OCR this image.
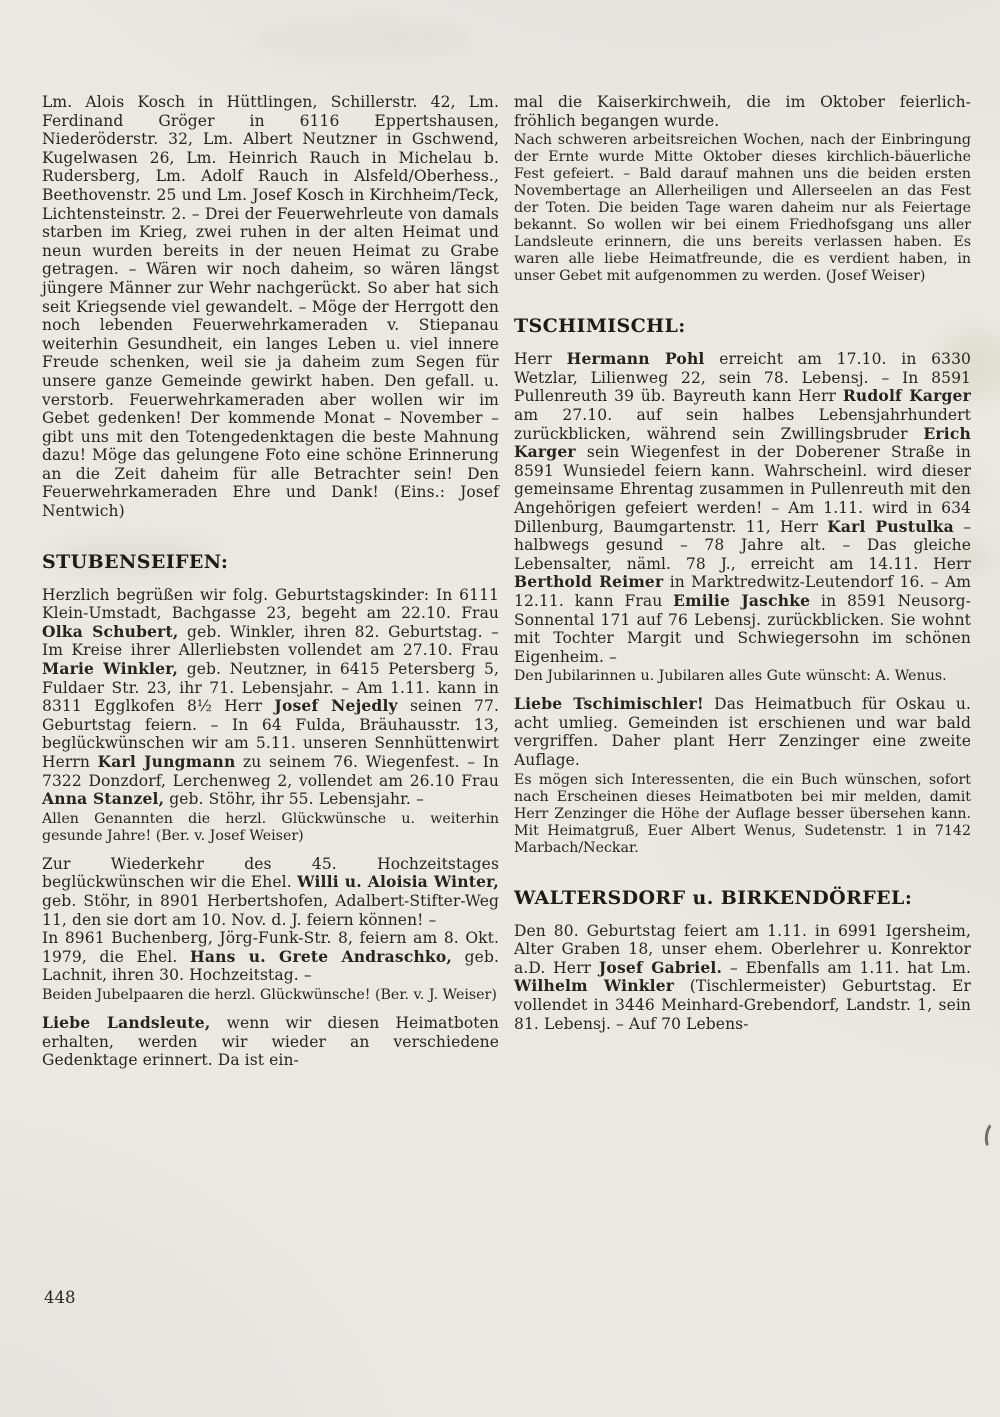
Lm. Alois Kosch in Hüttlingen, Schillerstr. 42, Lm. Ferdinand Gröger in 6116 Eppertshausen, Niederöderstr. 32, Lm. Albert Neutzner in Gschwend, Kugelwasen 26, Lm. Heinrich Rauch in Michelau b. Rudersberg, Lm. Adolf Rauch in Alsfeld/Oberhess., Beethovenstr. 25 und Lm. Josef Kosch in Kirchheim/Teck, Lichtensteinstr. 2. – Drei der Feuerwehrleute von damals starben im Krieg, zwei ruhen in der alten Heimat und neun wurden bereits in der neuen Heimat zu Grabe getragen. – Wären wir noch daheim, so wären längst jüngere Männer zur Wehr nachgerückt. So aber hat sich seit Kriegsende viel gewandelt. – Möge der Herrgott den noch lebenden Feuerwehrkameraden v. Stiepanau weiterhin Gesundheit, ein langes Leben u. viel innere Freude schenken, weil sie ja daheim zum Segen für unsere ganze Gemeinde gewirkt haben. Den gefall. u. verstorb. Feuerwehrkameraden aber wollen wir im Gebet gedenken! Der kommende Monat – November – gibt uns mit den Totengedenktagen die beste Mahnung dazu! Möge das gelungene Foto eine schöne Erinnerung an die Zeit daheim für alle Betrachter sein! Den Feuerwehrkameraden Ehre und Dank! (Eins.: Josef Nentwich)

STUBENSEIFEN:

Herzlich begrüßen wir folg. Geburtstagskinder: In 6111 Klein-Umstadt, Bachgasse 23, begeht am 22.10. Frau Olka Schubert, geb. Winkler, ihren 82. Geburtstag. – Im Kreise ihrer Allerliebsten vollendet am 27.10. Frau Marie Winkler, geb. Neutzner, in 6415 Petersberg 5, Fuldaer Str. 23, ihr 71. Lebensjahr. – Am 1.11. kann in 8311 Egglkofen 8½ Herr Josef Nejedly seinen 77. Geburtstag feiern. – In 64 Fulda, Bräuhausstr. 13, beglückwünschen wir am 5.11. unseren Sennhüttenwirt Herrn Karl Jungmann zu seinem 76. Wiegenfest. – In 7322 Donzdorf, Lerchenweg 2, vollendet am 26.10 Frau Anna Stanzel, geb. Stöhr, ihr 55. Lebensjahr. –

Allen Genannten die herzl. Glückwünsche u. weiterhin gesunde Jahre! (Ber. v. Josef Weiser)

Zur Wiederkehr des 45. Hochzeitstages beglückwünschen wir die Ehel. Willi u. Aloisia Winter, geb. Stöhr, in 8901 Herbertshofen, Adalbert-Stifter-Weg 11, den sie dort am 10. Nov. d. J. feiern können! –

In 8961 Buchenberg, Jörg-Funk-Str. 8, feiern am 8. Okt. 1979, die Ehel. Hans u. Grete Andraschko, geb. Lachnit, ihren 30. Hochzeitstag. –

Beiden Jubelpaaren die herzl. Glückwünsche! (Ber. v. J. Weiser)

Liebe Landsleute, wenn wir diesen Heimatboten erhalten, werden wir wieder an verschiedene Gedenktage erinnert. Da ist ein-

mal die Kaiserkirchweih, die im Oktober feierlich-fröhlich begangen wurde.

Nach schweren arbeitsreichen Wochen, nach der Einbringung der Ernte wurde Mitte Oktober dieses kirchlich-bäuerliche Fest gefeiert. – Bald darauf mahnen uns die beiden ersten Novembertage an Allerheiligen und Allerseelen an das Fest der Toten. Die beiden Tage waren daheim nur als Feiertage bekannt. So wollen wir bei einem Friedhofsgang uns aller Landsleute erinnern, die uns bereits verlassen haben. Es waren alle liebe Heimatfreunde, die es verdient haben, in unser Gebet mit aufgenommen zu werden. (Josef Weiser)

TSCHIMISCHL:

Herr Hermann Pohl erreicht am 17.10. in 6330 Wetzlar, Lilienweg 22, sein 78. Lebensj. – In 8591 Pullenreuth 39 üb. Bayreuth kann Herr Rudolf Karger am 27.10. auf sein halbes Lebensjahrhundert zurückblicken, während sein Zwillingsbruder Erich Karger sein Wiegenfest in der Doberener Straße in 8591 Wunsiedel feiern kann. Wahrscheinl. wird dieser gemeinsame Ehrentag zusammen in Pullenreuth mit den Angehörigen gefeiert werden! – Am 1.11. wird in 634 Dillenburg, Baumgartenstr. 11, Herr Karl Pustulka – halbwegs gesund – 78 Jahre alt. – Das gleiche Lebensalter, näml. 78 J., erreicht am 14.11. Herr Berthold Reimer in Marktredwitz-Leutendorf 16. – Am 12.11. kann Frau Emilie Jaschke in 8591 Neusorg-Sonnental 171 auf 76 Lebensj. zurückblicken. Sie wohnt mit Tochter Margit und Schwiegersohn im schönen Eigenheim. –

Den Jubilarinnen u. Jubilaren alles Gute wünscht: A. Wenus.

Liebe Tschimischler! Das Heimatbuch für Oskau u. acht umlieg. Gemeinden ist erschienen und war bald vergriffen. Daher plant Herr Zenzinger eine zweite Auflage.

Es mögen sich Interessenten, die ein Buch wünschen, sofort nach Erscheinen dieses Heimatboten bei mir melden, damit Herr Zenzinger die Höhe der Auflage besser übersehen kann. Mit Heimatgruß, Euer Albert Wenus, Sudetenstr. 1 in 7142 Marbach/Neckar.

WALTERSDORF u. BIRKENDÖRFEL:

Den 80. Geburtstag feiert am 1.11. in 6991 Igersheim, Alter Graben 18, unser ehem. Oberlehrer u. Konrektor a.D. Herr Josef Gabriel. – Ebenfalls am 1.11. hat Lm. Wilhelm Winkler (Tischlermeister) Geburtstag. Er vollendet in 3446 Meinhard-Grebendorf, Landstr. 1, sein 81. Lebensj. – Auf 70 Lebens-

448
